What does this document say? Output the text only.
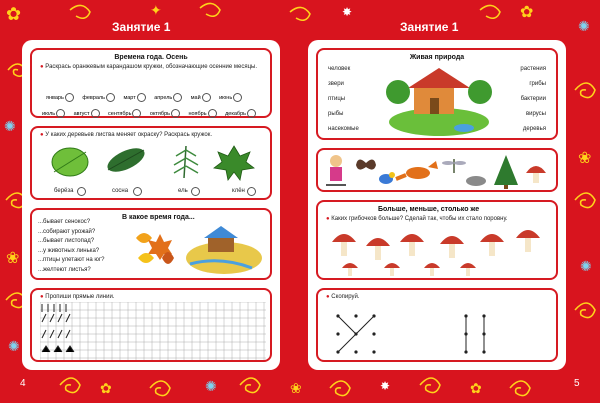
✿
✺
❀
✺
✦	✸	✿
✺
❀
✺
✿	✺	❀	✸	✿
Занятие 1	Занятие 1
Времена года. Осень
● Раскрась оранжевым карандашом кружки, обозначающие осенние месяцы.
январь	февраль	март	апрель	май	июнь
июль	август	сентябрь	октябрь	ноябрь	декабрь
● У каких деревьев листва меняет окраску? Раскрась кружок.
берёза	сосна	ель	клён
В какое время года...
...бывает сенокос?
...собирают урожай?
...бывает листопад?
...у животных линька?
...птицы улетают на юг?
...желтеют листья?
● Пропиши прямые линии.
Живая природа
человек
звери
птицы
рыбы
насекомые
растения
грибы
бактерии
вирусы
деревья
Больше, меньше, столько же
● Каких грибочков больше? Сделай так, чтобы их стало поровну.
● Скопируй.
4	5
